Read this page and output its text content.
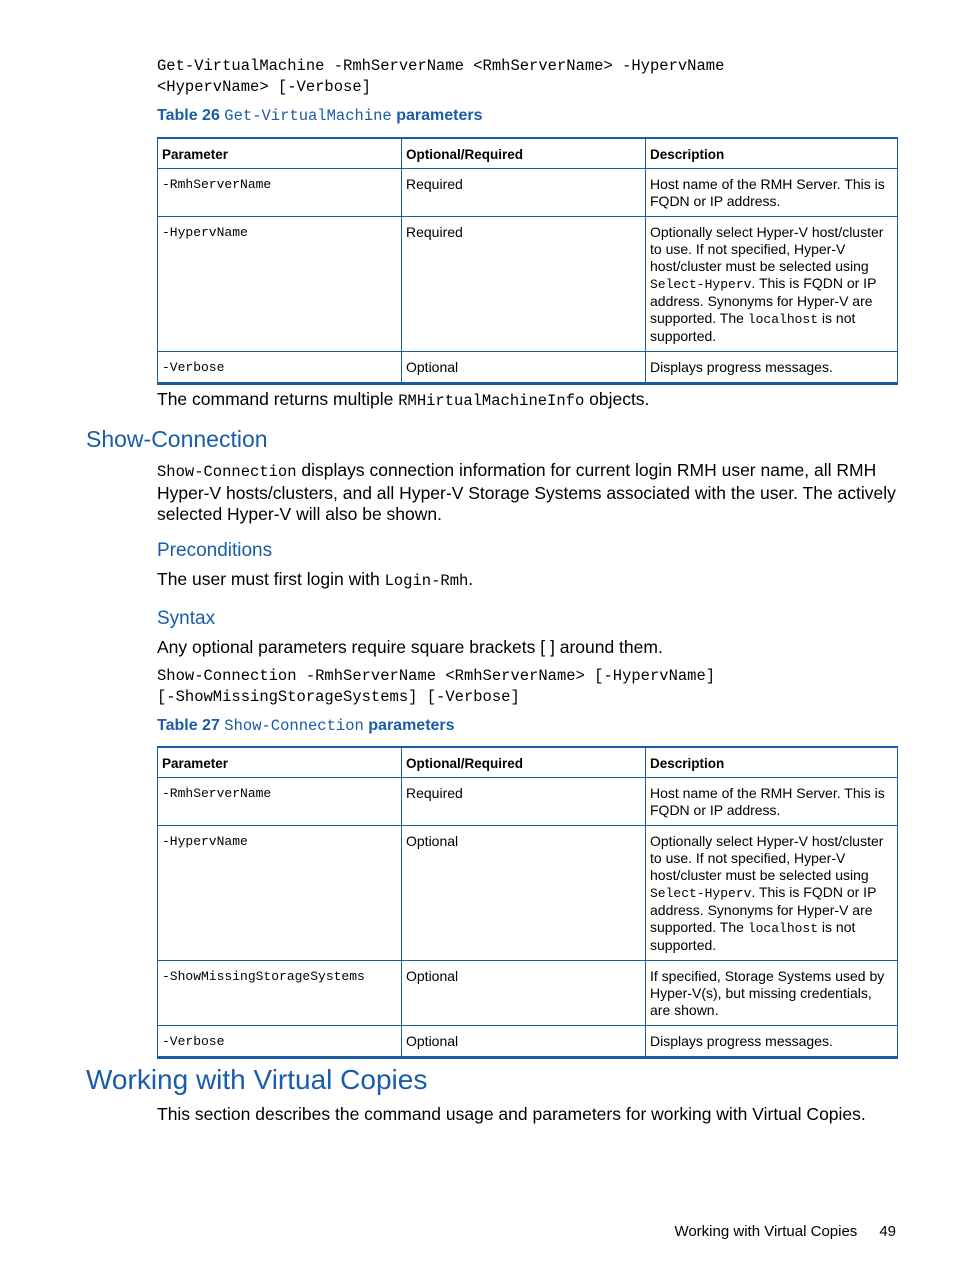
Get-VirtualMachine -RmhServerName <RmhServerName> -HypervName
<HypervName> [-Verbose]
Table 26 Get-VirtualMachine parameters
Parameter	Optional/Required	Description
-RmhServerName	Required	Host name of the RMH Server. This is FQDN or IP address.
-HypervName	Required	Optionally select Hyper-V host/cluster to use. If not specified, Hyper-V host/cluster must be selected using Select-Hyperv. This is FQDN or IP address. Synonyms for Hyper-V are supported. The localhost is not supported.
-Verbose	Optional	Displays progress messages.
The command returns multiple RMHirtualMachineInfo objects.
Show-Connection
Show-Connection displays connection information for current login RMH user name, all RMH Hyper-V hosts/clusters, and all Hyper-V Storage Systems associated with the user. The actively selected Hyper-V will also be shown.
Preconditions
The user must first login with Login-Rmh.
Syntax
Any optional parameters require square brackets [ ] around them.
Show-Connection -RmhServerName <RmhServerName> [-HypervName]
[-ShowMissingStorageSystems] [-Verbose]
Table 27 Show-Connection parameters
Parameter	Optional/Required	Description
-RmhServerName	Required	Host name of the RMH Server. This is FQDN or IP address.
-HypervName	Optional	Optionally select Hyper-V host/cluster to use. If not specified, Hyper-V host/cluster must be selected using Select-Hyperv. This is FQDN or IP address. Synonyms for Hyper-V are supported. The localhost is not supported.
-ShowMissingStorageSystems	Optional	If specified, Storage Systems used by Hyper-V(s), but missing credentials, are shown.
-Verbose	Optional	Displays progress messages.
Working with Virtual Copies
This section describes the command usage and parameters for working with Virtual Copies.
Working with Virtual Copies 49
